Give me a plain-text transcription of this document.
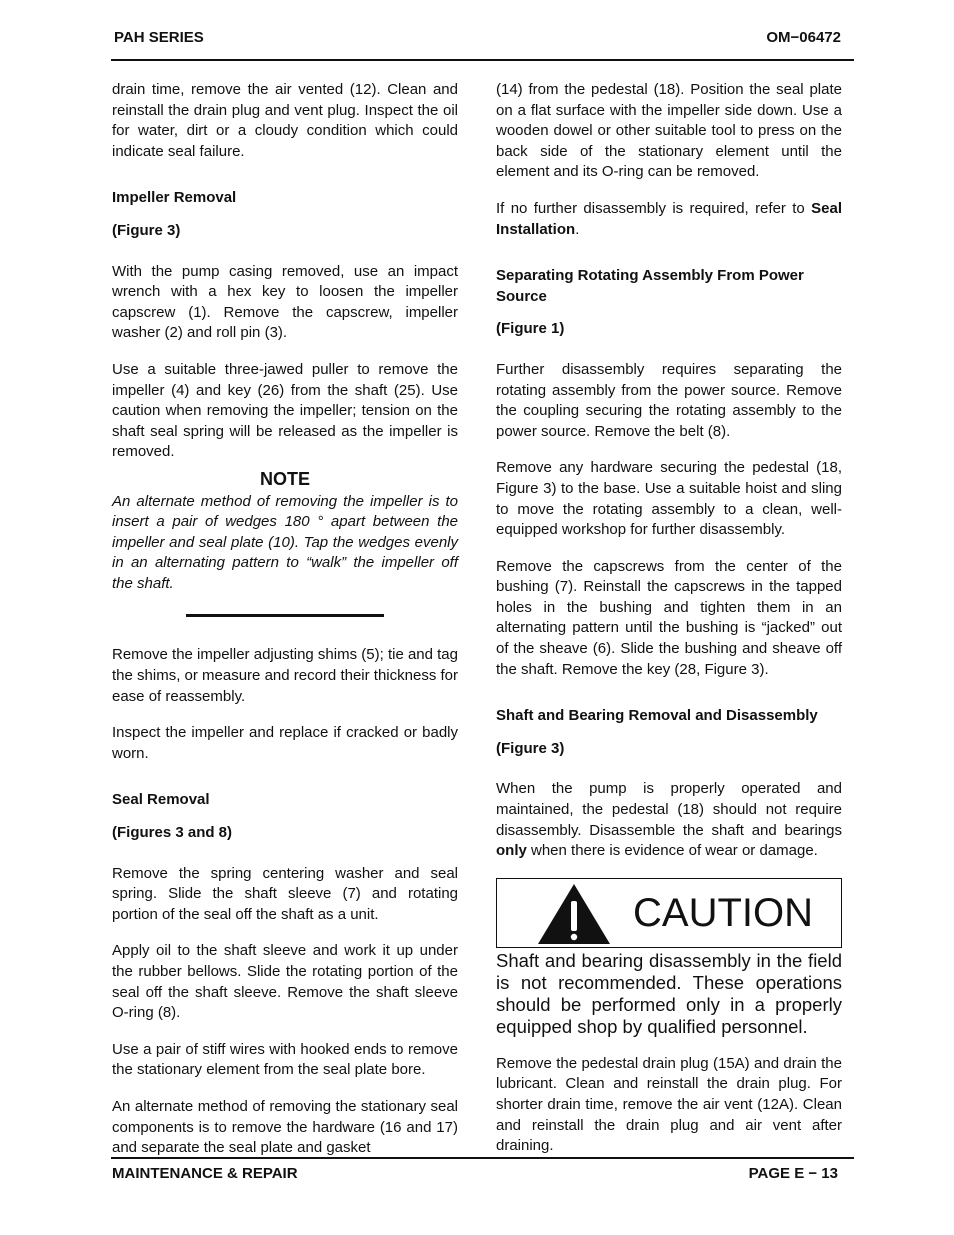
PAH SERIES	OM−06472

drain time, remove the air vented (12). Clean and reinstall the drain plug and vent plug. Inspect the oil for water, dirt or a cloudy condition which could indicate seal failure.

Impeller Removal
(Figure 3)

With the pump casing removed, use an impact wrench with a hex key to loosen the impeller capscrew (1). Remove the capscrew, impeller washer (2) and roll pin (3).

Use a suitable three-jawed puller to remove the impeller (4) and key (26) from the shaft (25). Use caution when removing the impeller; tension on the shaft seal spring will be released as the impeller is removed.

NOTE

An alternate method of removing the impeller is to insert a pair of wedges 180 ° apart between the impeller and seal plate (10). Tap the wedges evenly in an alternating pattern to “walk” the impeller off the shaft.

Remove the impeller adjusting shims (5); tie and tag the shims, or measure and record their thickness for ease of reassembly.

Inspect the impeller and replace if cracked or badly worn.

Seal Removal
(Figures 3 and 8)

Remove the spring centering washer and seal spring. Slide the shaft sleeve (7) and rotating portion of the seal off the shaft as a unit.

Apply oil to the shaft sleeve and work it up under the rubber bellows. Slide the rotating portion of the seal off the shaft sleeve. Remove the shaft sleeve O-ring (8).

Use a pair of stiff wires with hooked ends to remove the stationary element from the seal plate bore.

An alternate method of removing the stationary seal components is to remove the hardware (16 and 17) and separate the seal plate and gasket

(14) from the pedestal (18). Position the seal plate on a flat surface with the impeller side down. Use a wooden dowel or other suitable tool to press on the back side of the stationary element until the element and its O-ring can be removed.

If no further disassembly is required, refer to Seal Installation.

Separating Rotating Assembly From Power Source
(Figure 1)

Further disassembly requires separating the rotating assembly from the power source. Remove the coupling securing the rotating assembly to the power source. Remove the belt (8).

Remove any hardware securing the pedestal (18, Figure 3) to the base. Use a suitable hoist and sling to move the rotating assembly to a clean, well-equipped workshop for further disassembly.

Remove the capscrews from the center of the bushing (7). Reinstall the capscrews in the tapped holes in the bushing and tighten them in an alternating pattern until the bushing is “jacked” out of the sheave (6). Slide the bushing and sheave off the shaft. Remove the key (28, Figure 3).

Shaft and Bearing Removal and Disassembly
(Figure 3)

When the pump is properly operated and maintained, the pedestal (18) should not require disassembly. Disassemble the shaft and bearings only when there is evidence of wear or damage.

CAUTION

Shaft and bearing disassembly in the field is not recommended. These operations should be performed only in a properly equipped shop by qualified personnel.

Remove the pedestal drain plug (15A) and drain the lubricant. Clean and reinstall the drain plug. For shorter drain time, remove the air vent (12A). Clean and reinstall the drain plug and air vent after draining.

MAINTENANCE & REPAIR	PAGE E − 13
